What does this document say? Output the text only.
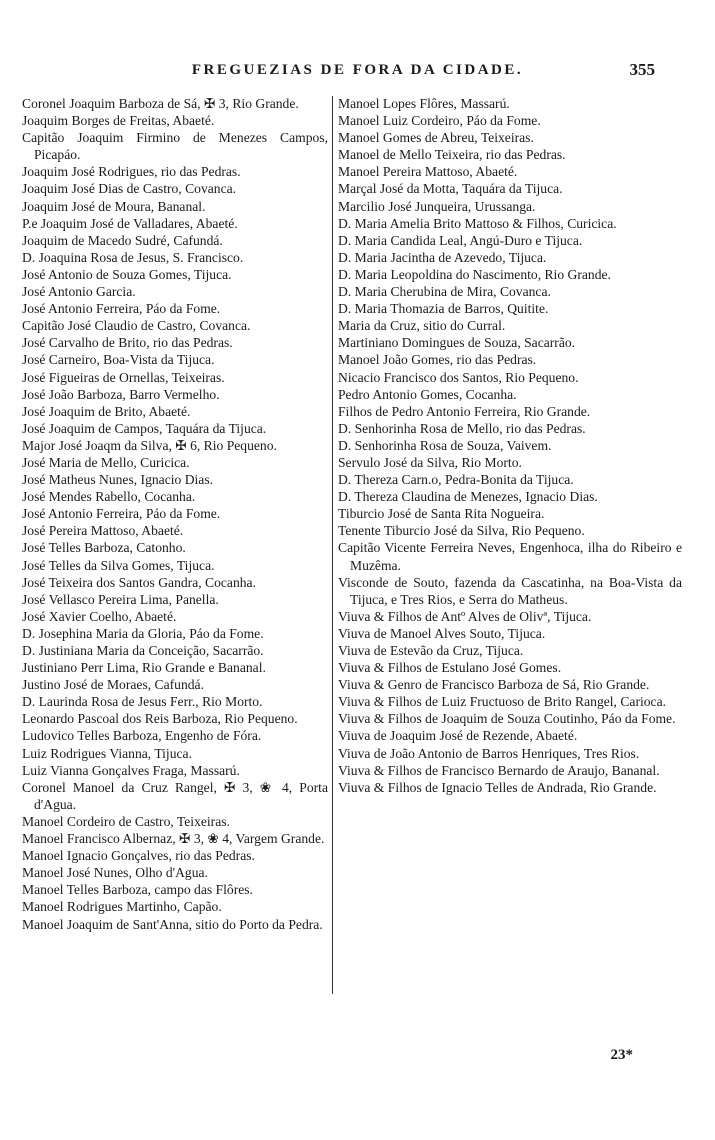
FREGUEZIAS DE FORA DA CIDADE.	355

Coronel Joaquim Barboza de Sá, ✠ 3, Rio Grande.

Joaquim Borges de Freitas, Abaeté.

Capitão Joaquim Firmino de Menezes Campos, Picapáo.

Joaquim José Rodrigues, rio das Pedras.

Joaquim José Dias de Castro, Covanca.

Joaquim José de Moura, Bananal.

P.e Joaquim José de Valladares, Abaeté.

Joaquim de Macedo Sudré, Cafundá.

D. Joaquina Rosa de Jesus, S. Francisco.

José Antonio de Souza Gomes, Tijuca.

José Antonio Garcia.

José Antonio Ferreira, Páo da Fome.

Capitão José Claudio de Castro, Covanca.

José Carvalho de Brito, rio das Pedras.

José Carneiro, Boa-Vista da Tijuca.

José Figueiras de Ornellas, Teixeiras.

José João Barboza, Barro Vermelho.

José Joaquim de Brito, Abaeté.

José Joaquim de Campos, Taquára da Tijuca.

Major José Joaqm da Silva, ✠ 6, Rio Pequeno.

José Maria de Mello, Curicica.

José Matheus Nunes, Ignacio Dias.

José Mendes Rabello, Cocanha.

José Antonio Ferreira, Páo da Fome.

José Pereira Mattoso, Abaeté.

José Telles Barboza, Catonho.

José Telles da Silva Gomes, Tijuca.

José Teixeira dos Santos Gandra, Cocanha.

José Vellasco Pereira Lima, Panella.

José Xavier Coelho, Abaeté.

D. Josephina Maria da Gloria, Páo da Fome.

D. Justiniana Maria da Conceição, Sacarrão.

Justiniano Perr Lima, Rio Grande e Bananal.

Justino José de Moraes, Cafundá.

D. Laurinda Rosa de Jesus Ferr., Rio Morto.

Leonardo Pascoal dos Reis Barboza, Rio Pequeno.

Ludovico Telles Barboza, Engenho de Fóra.

Luiz Rodrigues Vianna, Tijuca.

Luiz Vianna Gonçalves Fraga, Massarú.

Coronel Manoel da Cruz Rangel, ✠ 3, ❀ 4, Porta d'Agua.

Manoel Cordeiro de Castro, Teixeiras.

Manoel Francisco Albernaz, ✠ 3, ❀ 4, Vargem Grande.

Manoel Ignacio Gonçalves, rio das Pedras.

Manoel José Nunes, Olho d'Agua.

Manoel Telles Barboza, campo das Flôres.

Manoel Rodrigues Martinho, Capão.

Manoel Joaquim de Sant'Anna, sitio do Porto da Pedra.

Manoel Lopes Flôres, Massarú.

Manoel Luiz Cordeiro, Páo da Fome.

Manoel Gomes de Abreu, Teixeiras.

Manoel de Mello Teixeira, rio das Pedras.

Manoel Pereira Mattoso, Abaeté.

Marçal José da Motta, Taquára da Tijuca.

Marcilio José Junqueira, Urussanga.

D. Maria Amelia Brito Mattoso & Filhos, Curicica.

D. Maria Candida Leal, Angú-Duro e Tijuca.

D. Maria Jacintha de Azevedo, Tijuca.

D. Maria Leopoldina do Nascimento, Rio Grande.

D. Maria Cherubina de Mira, Covanca.

D. Maria Thomazia de Barros, Quitite.

Maria da Cruz, sitio do Curral.

Martiniano Domingues de Souza, Sacarrão.

Manoel João Gomes, rio das Pedras.

Nicacio Francisco dos Santos, Rio Pequeno.

Pedro Antonio Gomes, Cocanha.

Filhos de Pedro Antonio Ferreira, Rio Grande.

D. Senhorinha Rosa de Mello, rio das Pedras.

D. Senhorinha Rosa de Souza, Vaivem.

Servulo José da Silva, Rio Morto.

D. Thereza Carn.o, Pedra-Bonita da Tijuca.

D. Thereza Claudina de Menezes, Ignacio Dias.

Tiburcio José de Santa Rita Nogueira.

Tenente Tiburcio José da Silva, Rio Pequeno.

Capitão Vicente Ferreira Neves, Engenhoca, ilha do Ribeiro e Muzêma.

Visconde de Souto, fazenda da Cascatinha, na Boa-Vista da Tijuca, e Tres Rios, e Serra do Matheus.

Viuva & Filhos de Antº Alves de Olivª, Tijuca.

Viuva de Manoel Alves Souto, Tijuca.

Viuva de Estevão da Cruz, Tijuca.

Viuva & Filhos de Estulano José Gomes.

Viuva & Genro de Francisco Barboza de Sá, Rio Grande.

Viuva & Filhos de Luiz Fructuoso de Brito Rangel, Carioca.

Viuva & Filhos de Joaquim de Souza Coutinho, Páo da Fome.

Viuva de Joaquim José de Rezende, Abaeté.

Viuva de João Antonio de Barros Henriques, Tres Rios.

Viuva & Filhos de Francisco Bernardo de Araujo, Bananal.

Viuva & Filhos de Ignacio Telles de Andrada, Rio Grande.

23*
